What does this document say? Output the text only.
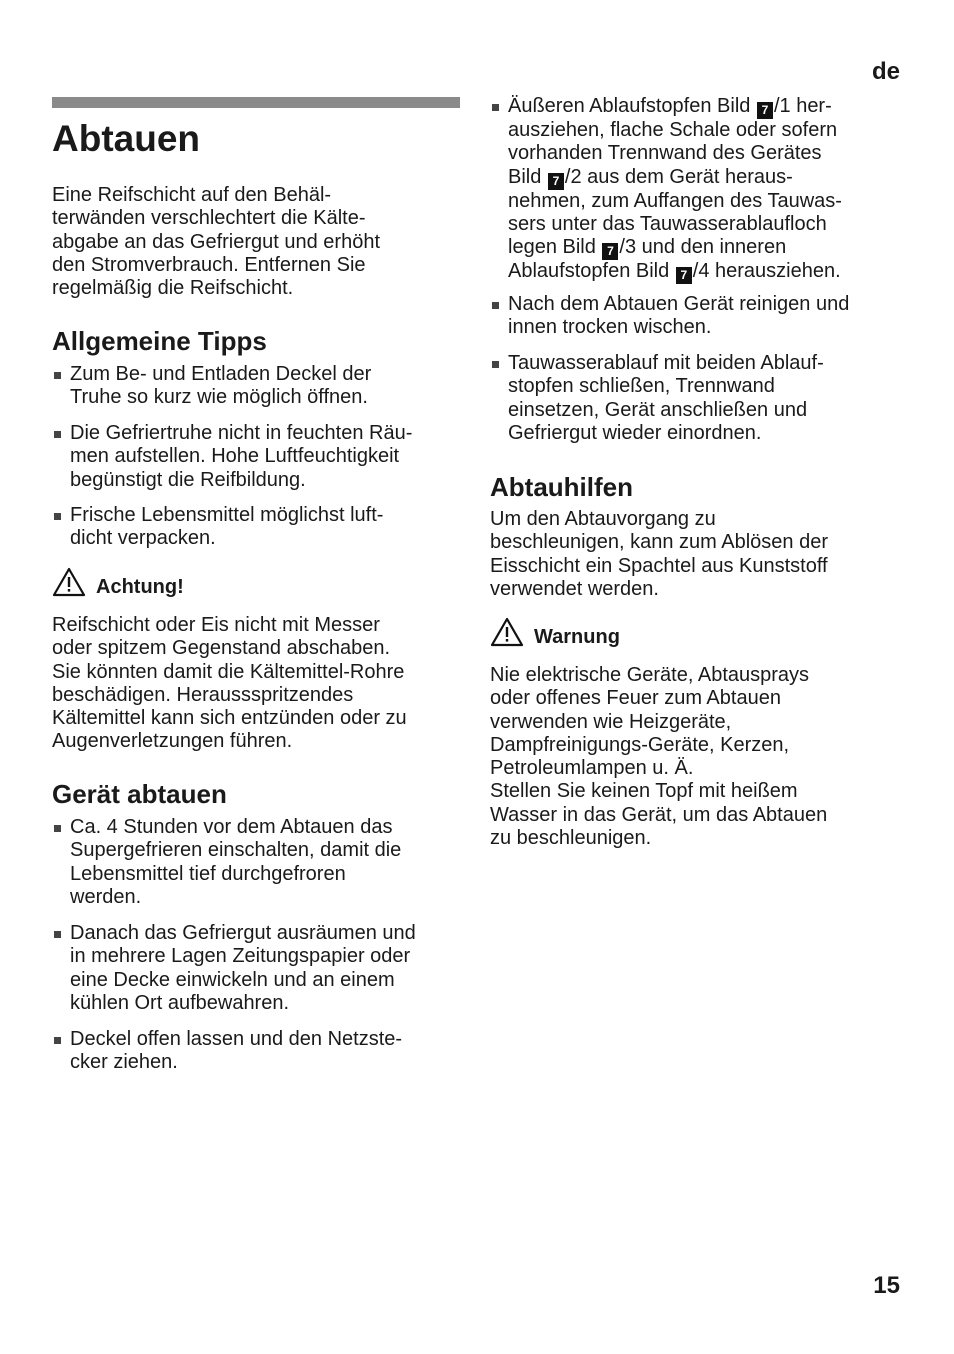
de
Abtauen

Eine Reifschicht auf den Behäl-
terwänden verschlechtert die Kälte-
abgabe an das Gefriergut und erhöht
den Stromverbrauch. Entfernen Sie
regelmäßig die Reifschicht.

Allgemeine Tipps
Zum Be- und Entladen Deckel der
Truhe so kurz wie möglich öffnen.
Die Gefriertruhe nicht in feuchten Räu-
men aufstellen. Hohe Luftfeuchtigkeit
begünstigt die Reifbildung.
Frische Lebensmittel möglichst luft-
dicht verpacken.
Achtung!

Reifschicht oder Eis nicht mit Messer
oder spitzem Gegenstand abschaben.
Sie könnten damit die Kältemittel-Rohre
beschädigen. Heraussspritzendes
Kältemittel kann sich entzünden oder zu
Augenverletzungen führen.

Gerät abtauen
Ca. 4 Stunden vor dem Abtauen das
Supergefrieren einschalten, damit die
Lebensmittel tief durchgefroren
werden.
Danach das Gefriergut ausräumen und
in mehrere Lagen Zeitungspapier oder
eine Decke einwickeln und an einem
kühlen Ort aufbewahren.
Deckel offen lassen und den Netzste-
cker ziehen.
Äußeren Ablaufstopfen Bild 7 /1 her-
ausziehen, flache Schale oder sofern
vorhanden Trennwand des Gerätes
Bild 7 /2 aus dem Gerät heraus-
nehmen, zum Auffangen des Tauwas-
sers unter das Tauwasserablaufloch
legen Bild 7 /3 und den inneren
Ablaufstopfen Bild 7 /4 herausziehen.
Nach dem Abtauen Gerät reinigen und
innen trocken wischen.
Tauwasserablauf mit beiden Ablauf-
stopfen schließen, Trennwand
einsetzen, Gerät anschließen und
Gefriergut wieder einordnen.
Abtauhilfen

Um den Abtauvorgang zu
beschleunigen, kann zum Ablösen der
Eisschicht ein Spachtel aus Kunststoff
verwendet werden.

Warnung

Nie elektrische Geräte, Abtausprays
oder offenes Feuer zum Abtauen
verwenden wie Heizgeräte,
Dampfreinigungs-Geräte, Kerzen,
Petroleumlampen u. Ä.
Stellen Sie keinen Topf mit heißem
Wasser in das Gerät, um das Abtauen
zu beschleunigen.

15
